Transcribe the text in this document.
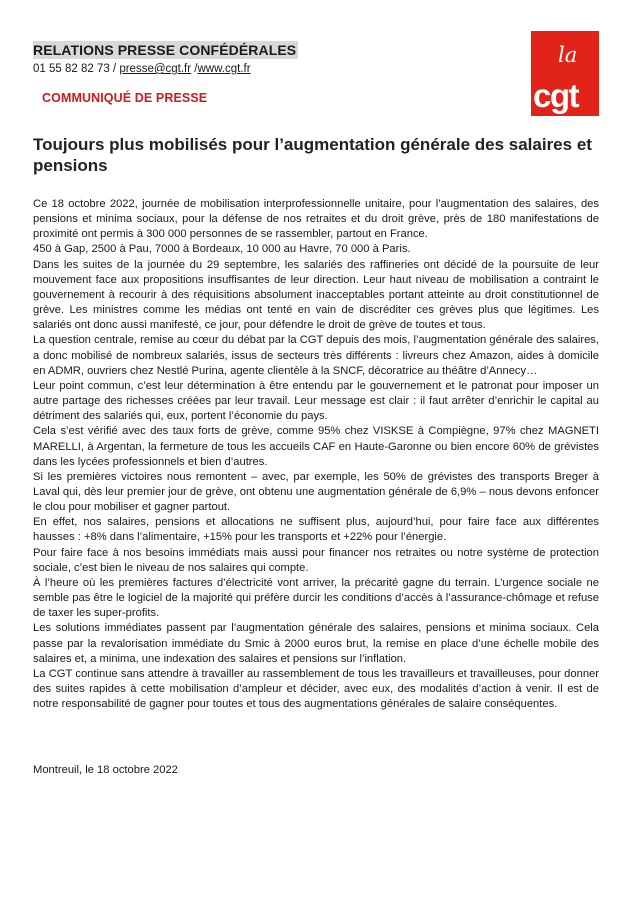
RELATIONS PRESSE CONFÉDÉRALES
01 55 82 82 73 / presse@cgt.fr /www.cgt.fr
COMMUNIQUÉ DE PRESSE
la
cgt
Toujours plus mobilisés pour l’augmentation générale des salaires et pensions

Ce 18 octobre 2022, journée de mobilisation interprofessionnelle unitaire, pour l’augmentation des salaires, des pensions et minima sociaux, pour la défense de nos retraites et du droit grève, près de 180 manifestations de proximité ont permis à 300 000 personnes de se rassembler, partout en France.

450 à Gap, 2500 à Pau, 7000 à Bordeaux, 10 000 au Havre, 70 000 à Paris.

Dans les suites de la journée du 29 septembre, les salariés des raffineries ont décidé de la poursuite de leur mouvement face aux propositions insuffisantes de leur direction. Leur haut niveau de mobilisation a contraint le gouvernement à recourir à des réquisitions absolument inacceptables portant atteinte au droit constitutionnel de grève. Les ministres comme les médias ont tenté en vain de discréditer ces grèves plus que légitimes. Les salariés ont donc aussi manifesté, ce jour, pour défendre le droit de grève de toutes et tous.

La question centrale, remise au cœur du débat par la CGT depuis des mois, l’augmentation générale des salaires, a donc mobilisé de nombreux salariés, issus de secteurs très différents : livreurs chez Amazon, aides à domicile en ADMR, ouvriers chez Nestlé Purina, agente clientèle à la SNCF, décoratrice au théâtre d’Annecy…

Leur point commun, c’est leur détermination à être entendu par le gouvernement et le patronat pour imposer un autre partage des richesses créées par leur travail. Leur message est clair : il faut arrêter d’enrichir le capital au détriment des salariés qui, eux, portent l’économie du pays.

Cela s’est vérifié avec des taux forts de grève, comme 95% chez VISKSE à Compiègne, 97% chez MAGNETI MARELLI, à Argentan, la fermeture de tous les accueils CAF en Haute-Garonne ou bien encore 60% de grévistes dans les lycées professionnels et bien d’autres.

Si les premières victoires nous remontent – avec, par exemple, les 50% de grévistes des transports Breger à Laval qui, dès leur premier jour de grève, ont obtenu une augmentation générale de 6,9% – nous devons enfoncer le clou pour mobiliser et gagner partout.

En effet, nos salaires, pensions et allocations ne suffisent plus, aujourd’hui, pour faire face aux différentes hausses : +8% dans l’alimentaire, +15% pour les transports et +22% pour l’énergie.

Pour faire face à nos besoins immédiats mais aussi pour financer nos retraites ou notre système de protection sociale, c’est bien le niveau de nos salaires qui compte.

À l’heure où les premières factures d’électricité vont arriver, la précarité gagne du terrain. L’urgence sociale ne semble pas être le logiciel de la majorité qui préfère durcir les conditions d’accès à l’assurance-chômage et refuse de taxer les super-profits.

Les solutions immédiates passent par l’augmentation générale des salaires, pensions et minima sociaux. Cela passe par la revalorisation immédiate du Smic à 2000 euros brut, la remise en place d’une échelle mobile des salaires et, a minima, une indexation des salaires et pensions sur l’inflation.

La CGT continue sans attendre à travailler au rassemblement de tous les travailleurs et travailleuses, pour donner des suites rapides à cette mobilisation d’ampleur et décider, avec eux, des modalités d’action à venir. Il est de notre responsabilité de gagner pour toutes et tous des augmentations générales de salaire conséquentes.

Montreuil, le 18 octobre 2022
